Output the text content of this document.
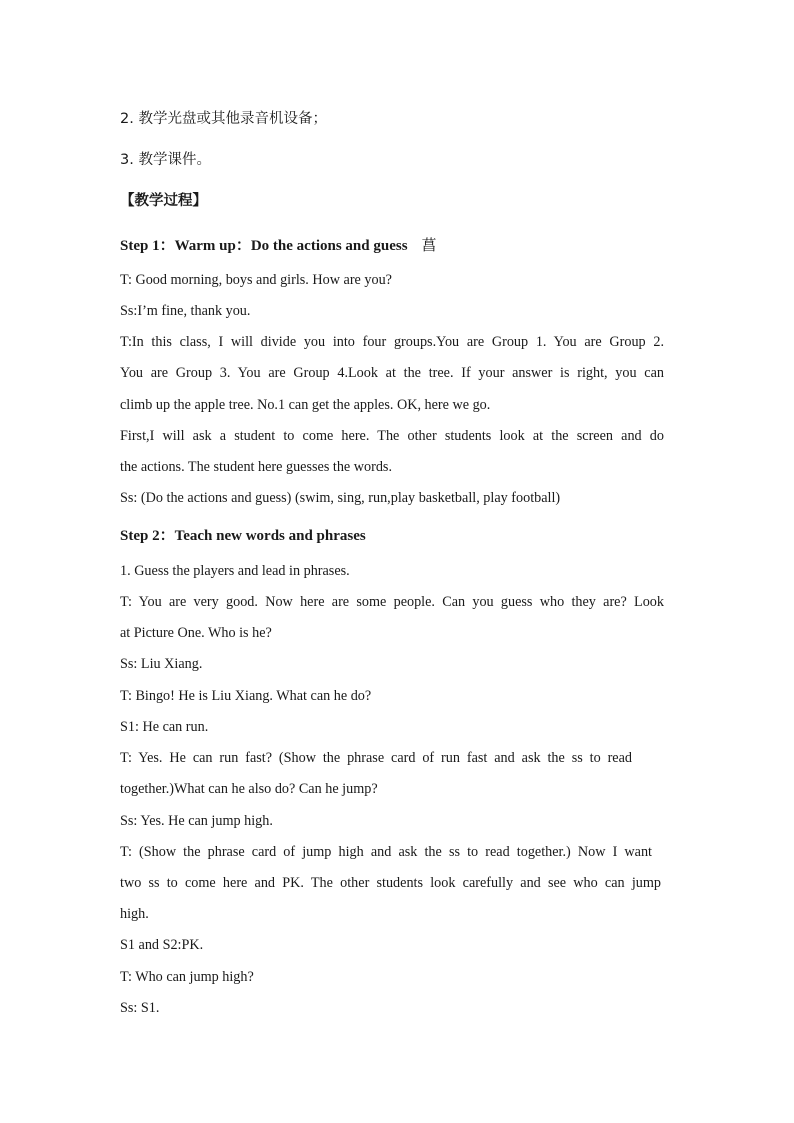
2. 教学光盘或其他录音机设备；
3. 教学课件。
【教学过程】
Step 1：Warm up：Do the actions and guess 菖
T: Good morning, boys and girls. How are you?
Ss:I’m fine, thank you.
T:In this class, I will divide you into four groups.You are Group 1. You are Group 2.
You are Group 3. You are Group 4.Look at the tree. If your answer is right, you can
climb up the apple tree. No.1 can get the apples. OK, here we go.
First,I will ask a student to come here. The other students look at the screen and do
the actions. The student here guesses the words.
Ss: (Do the actions and guess) (swim, sing, run,play basketball, play football)
Step 2：Teach new words and phrases
1. Guess the players and lead in phrases.
T: You are very good. Now here are some people. Can you guess who they are? Look
at Picture One. Who is he?
Ss: Liu Xiang.
T: Bingo! He is Liu Xiang. What can he do?
S1: He can run.
T: Yes. He can run fast? (Show the phrase card of run fast and ask the ss to read
together.)What can he also do? Can he jump?
Ss: Yes. He can jump high.
T: (Show the phrase card of jump high and ask the ss to read together.) Now I want
two ss to come here and PK. The other students look carefully and see who can jump
high.
S1 and S2:PK.
T: Who can jump high?
Ss: S1.
